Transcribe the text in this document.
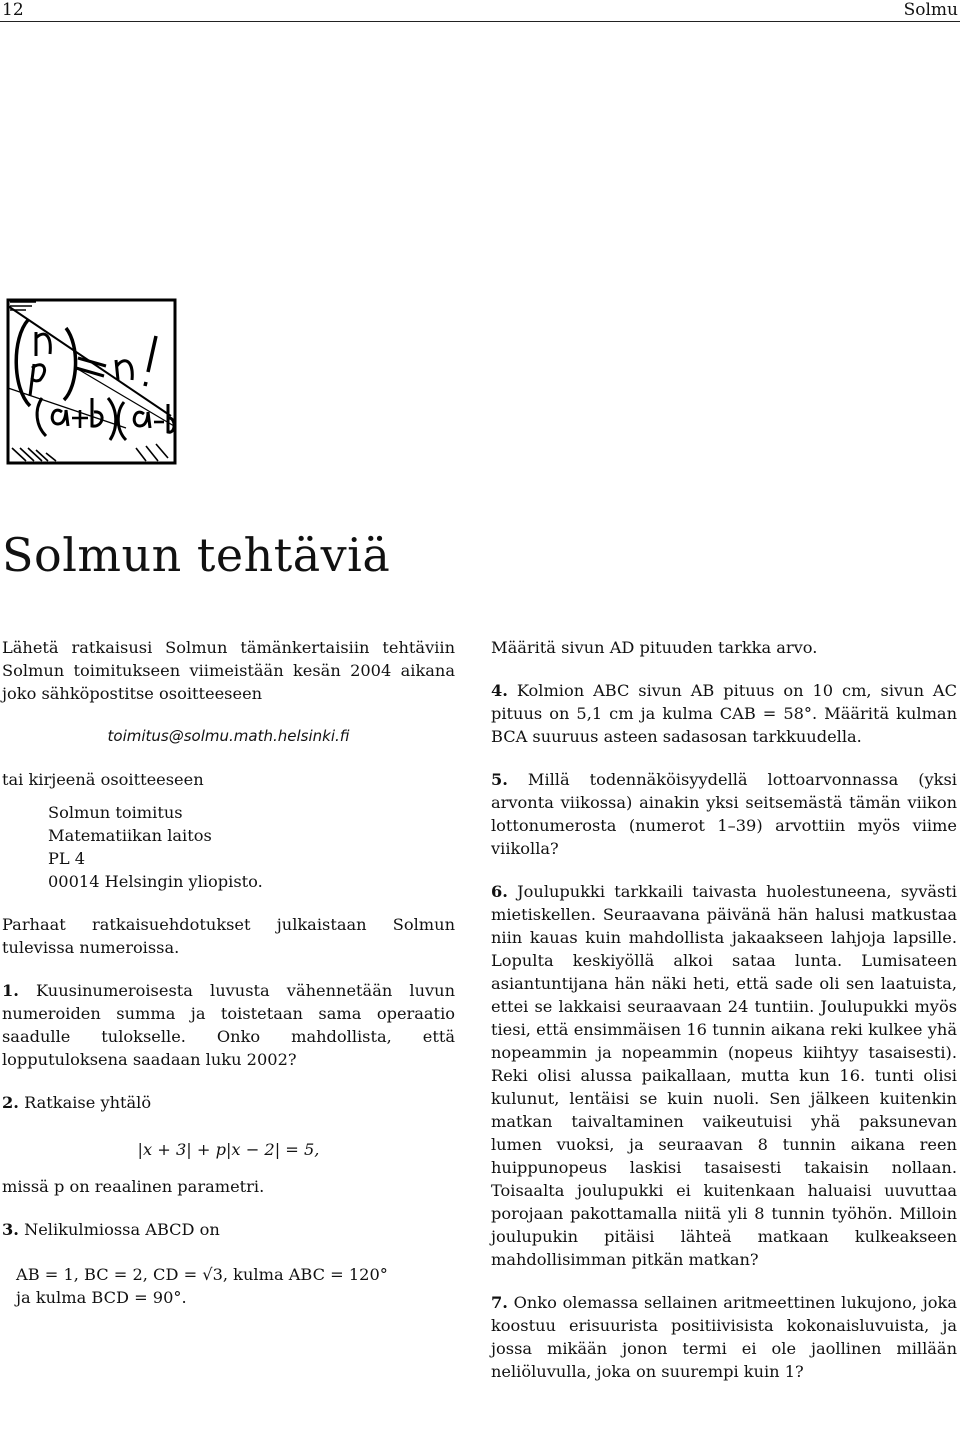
12	Solmu
Solmun tehtäviä

Lähetä ratkaisusi Solmun tämänkertaisiin tehtäviin Solmun toimitukseen viimeistään kesän 2004 aikana joko sähköpostitse osoitteeseen

toimitus@solmu.math.helsinki.fi

tai kirjeenä osoitteeseen

Solmun toimitus
Matematiikan laitos
PL 4
00014 Helsingin yliopisto.

Parhaat ratkaisuehdotukset julkaistaan Solmun tulevissa numeroissa.

1. Kuusinumeroisesta luvusta vähennetään luvun numeroiden summa ja toistetaan sama operaatio saadulle tulokselle. Onko mahdollista, että lopputuloksena saadaan luku 2002?

2. Ratkaise yhtälö

|x + 3| + p|x − 2| = 5,

missä p on reaalinen parametri.

3. Nelikulmiossa ABCD on

AB = 1, BC = 2, CD = √3, kulma ABC = 120°

ja kulma BCD = 90°.

Määritä sivun AD pituuden tarkka arvo.

4. Kolmion ABC sivun AB pituus on 10 cm, sivun AC pituus on 5,1 cm ja kulma CAB = 58°. Määritä kulman BCA suuruus asteen sadasosan tarkkuudella.

5. Millä todennäköisyydellä lottoarvonnassa (yksi arvonta viikossa) ainakin yksi seitsemästä tämän viikon lottonumerosta (numerot 1–39) arvottiin myös viime viikolla?

6. Joulupukki tarkkaili taivasta huolestuneena, syvästi mietiskellen. Seuraavana päivänä hän halusi matkustaa niin kauas kuin mahdollista jakaakseen lahjoja lapsille. Lopulta keskiyöllä alkoi sataa lunta. Lumisateen asiantuntijana hän näki heti, että sade oli sen laatuista, ettei se lakkaisi seuraavaan 24 tuntiin. Joulupukki myös tiesi, että ensimmäisen 16 tunnin aikana reki kulkee yhä nopeammin ja nopeammin (nopeus kiihtyy tasaisesti). Reki olisi alussa paikallaan, mutta kun 16. tunti olisi kulunut, lentäisi se kuin nuoli. Sen jälkeen kuitenkin matkan taivaltaminen vaikeutuisi yhä paksunevan lumen vuoksi, ja seuraavan 8 tunnin aikana reen huippunopeus laskisi tasaisesti takaisin nollaan. Toisaalta joulupukki ei kuitenkaan haluaisi uuvuttaa porojaan pakottamalla niitä yli 8 tunnin työhön. Milloin joulupukin pitäisi lähteä matkaan kulkeakseen mahdollisimman pitkän matkan?

7. Onko olemassa sellainen aritmeettinen lukujono, joka koostuu erisuurista positiivisista kokonaisluvuista, ja jossa mikään jonon termi ei ole jaollinen millään neliöluvulla, joka on suurempi kuin 1?
